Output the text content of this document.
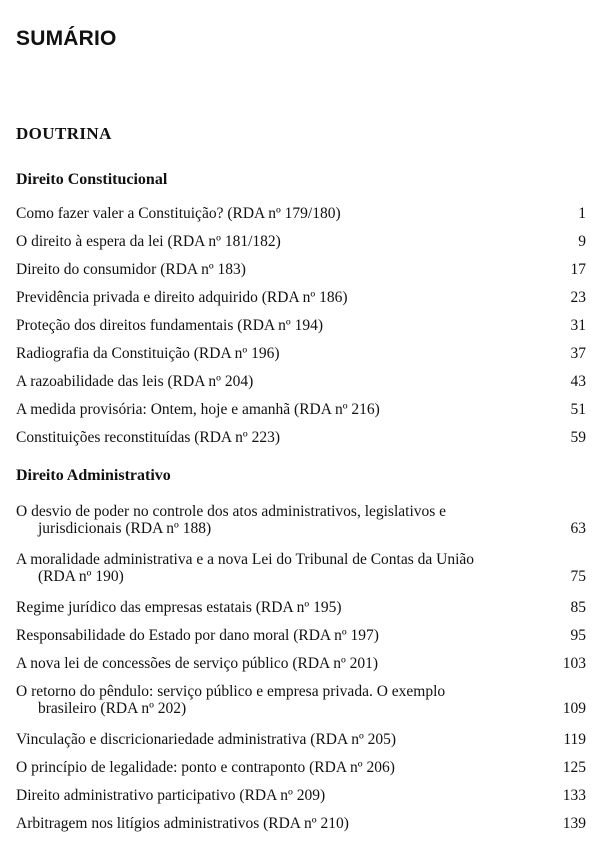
SUMÁRIO
DOUTRINA
Direito Constitucional
Como fazer valer a Constituição? (RDA nº 179/180)	1
O direito à espera da lei (RDA nº 181/182)	9
Direito do consumidor (RDA nº 183)	17
Previdência privada e direito adquirido (RDA nº 186)	23
Proteção dos direitos fundamentais (RDA nº 194)	31
Radiografia da Constituição (RDA nº 196)	37
A razoabilidade das leis (RDA nº 204)	43
A medida provisória: Ontem, hoje e amanhã (RDA nº 216)	51
Constituições reconstituídas (RDA nº 223)	59
Direito Administrativo
O desvio de poder no controle dos atos administrativos, legislativos e
jurisdicionais (RDA nº 188)	63
A moralidade administrativa e a nova Lei do Tribunal de Contas da União
(RDA nº 190)	75
Regime jurídico das empresas estatais (RDA nº 195)	85
Responsabilidade do Estado por dano moral (RDA nº 197)	95
A nova lei de concessões de serviço público (RDA nº 201)	103
O retorno do pêndulo: serviço público e empresa privada. O exemplo
brasileiro (RDA nº 202)	109
Vinculação e discricionariedade administrativa (RDA nº 205)	119
O princípio de legalidade: ponto e contraponto (RDA nº 206)	125
Direito administrativo participativo (RDA nº 209)	133
Arbitragem nos litígios administrativos (RDA nº 210)	139
